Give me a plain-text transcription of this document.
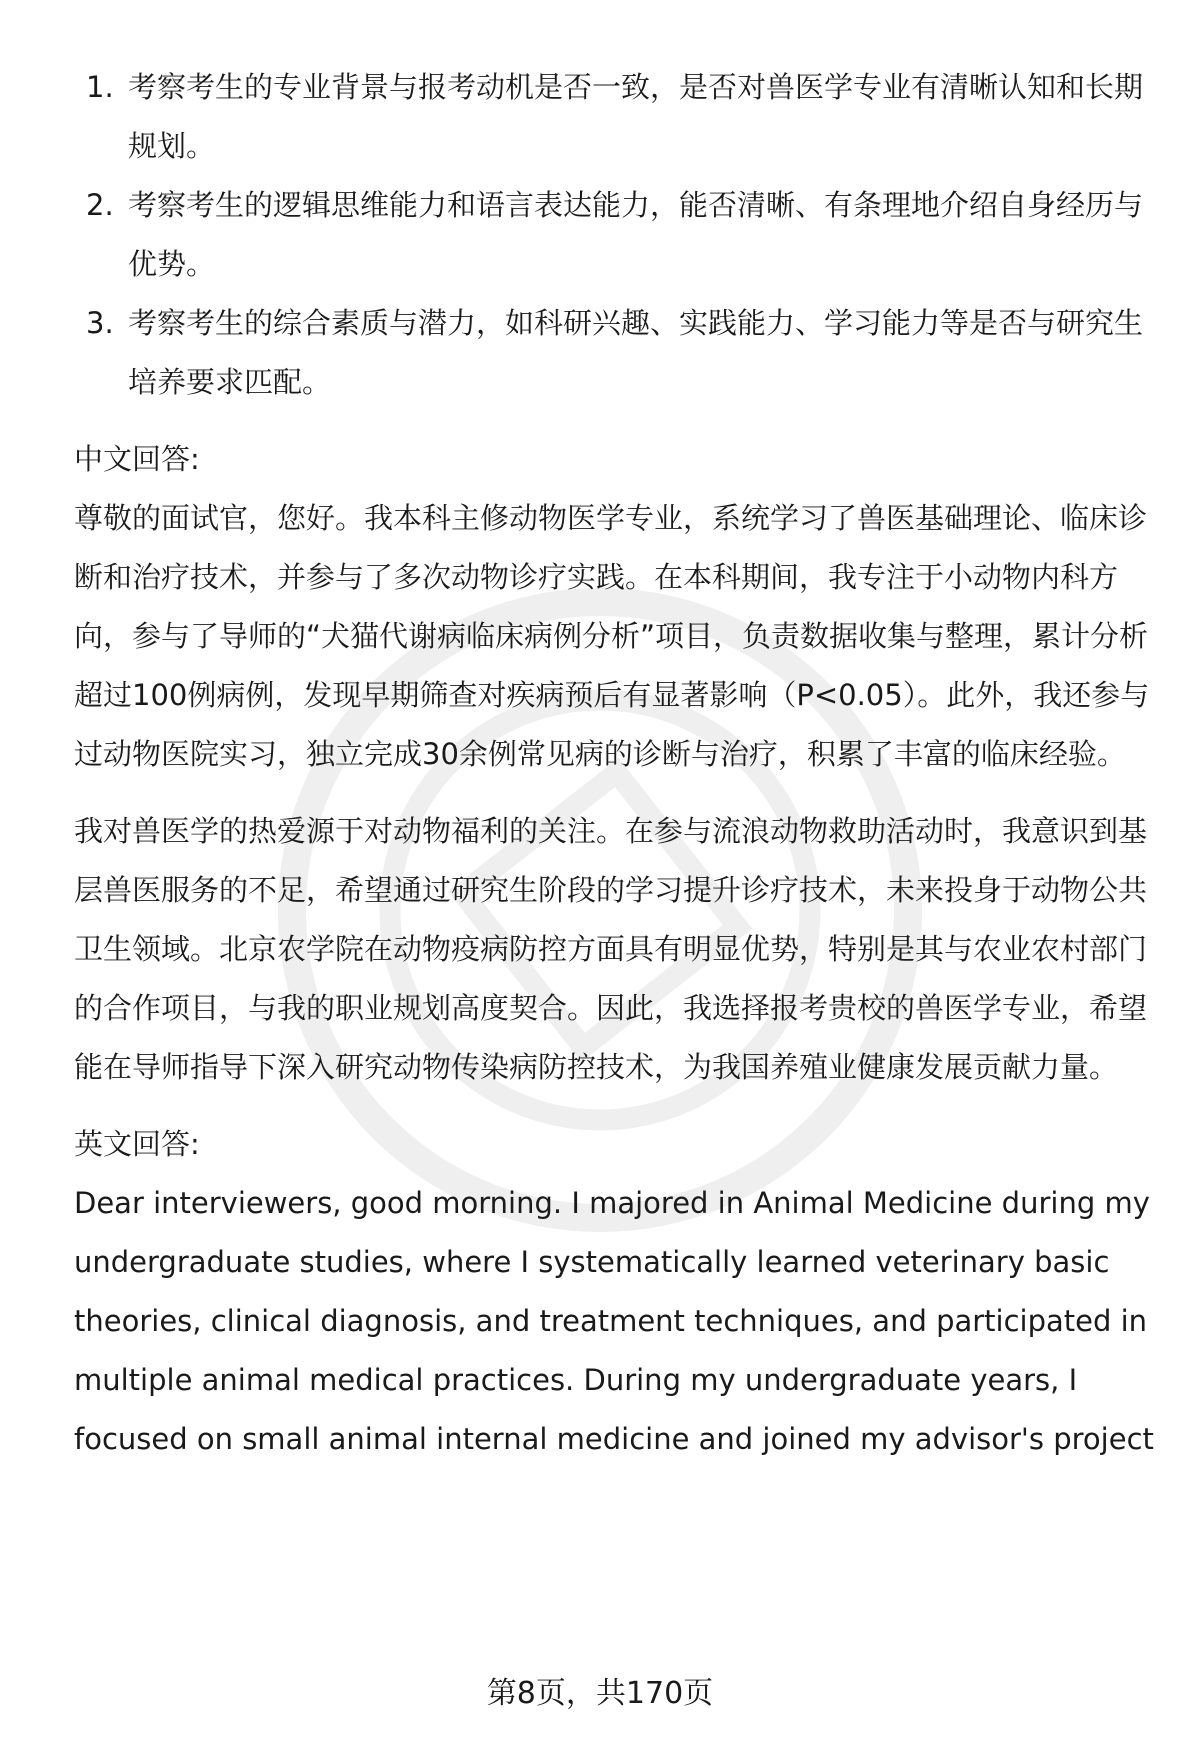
1. 考察考生的专业背景与报考动机是否一致，是否对兽医学专业有清晰认知和长期规划。
2. 考察考生的逻辑思维能力和语言表达能力，能否清晰、有条理地介绍自身经历与优势。
3. 考察考生的综合素质与潜力，如科研兴趣、实践能力、学习能力等是否与研究生培养要求匹配。
中文回答:

尊敬的面试官，您好。我本科主修动物医学专业，系统学习了兽医基础理论、临床诊断和治疗技术，并参与了多次动物诊疗实践。在本科期间，我专注于小动物内科方向，参与了导师的“犬猫代谢病临床病例分析”项目，负责数据收集与整理，累计分析超过100例病例，发现早期筛查对疾病预后有显著影响（P<0.05）。此外，我还参与过动物医院实习，独立完成30余例常见病的诊断与治疗，积累了丰富的临床经验。

我对兽医学的热爱源于对动物福利的关注。在参与流浪动物救助活动时，我意识到基层兽医服务的不足，希望通过研究生阶段的学习提升诊疗技术，未来投身于动物公共卫生领域。北京农学院在动物疫病防控方面具有明显优势，特别是其与农业农村部门的合作项目，与我的职业规划高度契合。因此，我选择报考贵校的兽医学专业，希望能在导师指导下深入研究动物传染病防控技术，为我国养殖业健康发展贡献力量。

英文回答:

Dear interviewers, good morning. I majored in Animal Medicine during my undergraduate studies, where I systematically learned veterinary basic theories, clinical diagnosis, and treatment techniques, and participated in multiple animal medical practices. During my undergraduate years, I focused on small animal internal medicine and joined my advisor's project

第8页，共170页
